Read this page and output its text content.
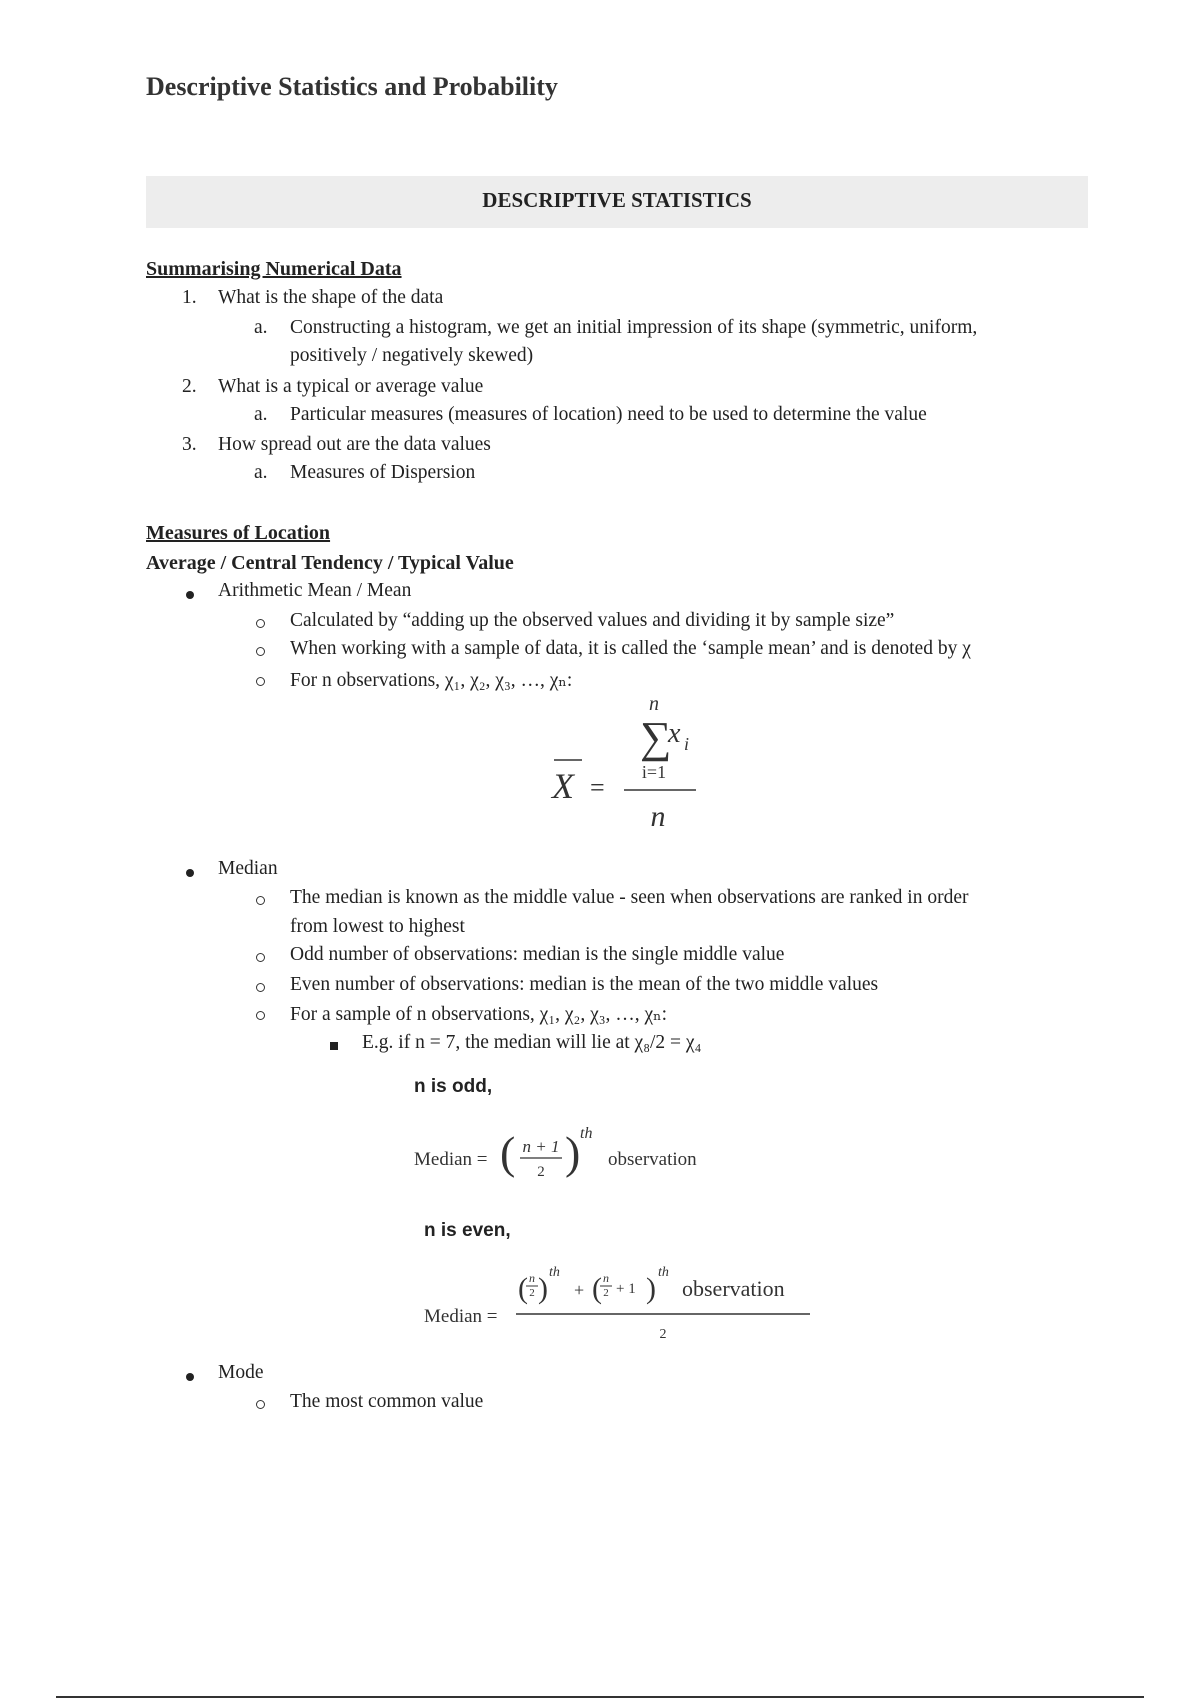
Descriptive Statistics and Probability
DESCRIPTIVE STATISTICS
Summarising Numerical Data
1. What is the shape of the data
a. Constructing a histogram, we get an initial impression of its shape (symmetric, uniform,
positively / negatively skewed)
2. What is a typical or average value
a. Particular measures (measures of location) need to be used to determine the value
3. How spread out are the data values
a. Measures of Dispersion
Measures of Location
Average / Central Tendency / Typical Value
Arithmetic Mean / Mean
Calculated by “adding up the observed values and dividing it by sample size”
When working with a sample of data, it is called the ‘sample mean’ and is denoted by χ
For n observations, χ₁, χ₂, χ₃, …, χₙ:
n
∑
x i
i=1
n
X =
Median
The median is known as the middle value - seen when observations are ranked in order
from lowest to highest
Odd number of observations: median is the single middle value
Even number of observations: median is the mean of the two middle values
For a sample of n observations, χ₁, χ₂, χ₃, …, χₙ:
E.g. if n = 7, the median will lie at χ₈/2 = χ₄
n is odd,
Median = ( n + 1
2 ) th
observation
n is even,
Median =
( n
2 ) th
+ ( n
2 + 1 ) th
observation
2
Mode
The most common value
